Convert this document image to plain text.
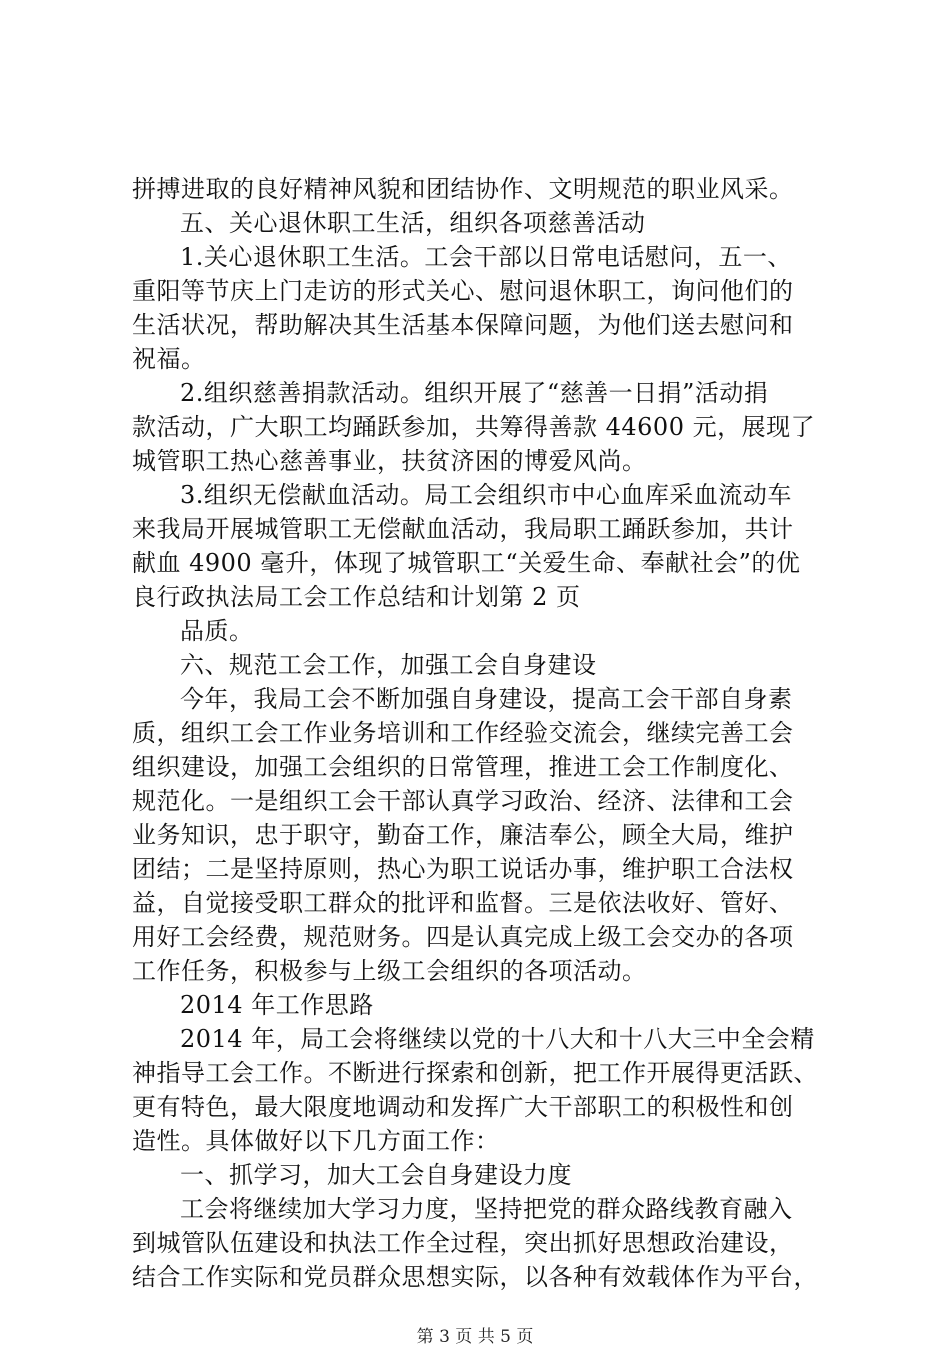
拼搏进取的良好精神风貌和团结协作、文明规范的职业风采。
五、关心退休职工生活，组织各项慈善活动
1.关心退休职工生活。工会干部以日常电话慰问，五一、
重阳等节庆上门走访的形式关心、慰问退休职工，询问他们的
生活状况，帮助解决其生活基本保障问题，为他们送去慰问和
祝福。
2.组织慈善捐款活动。组织开展了“慈善一日捐”活动捐
款活动，广大职工均踊跃参加，共筹得善款 44600 元，展现了
城管职工热心慈善事业，扶贫济困的博爱风尚。
3.组织无偿献血活动。局工会组织市中心血库采血流动车
来我局开展城管职工无偿献血活动，我局职工踊跃参加，共计
献血 4900 毫升，体现了城管职工“关爱生命、奉献社会”的优
良行政执法局工会工作总结和计划第 2 页
品质。
六、规范工会工作，加强工会自身建设
今年，我局工会不断加强自身建设，提高工会干部自身素
质，组织工会工作业务培训和工作经验交流会，继续完善工会
组织建设，加强工会组织的日常管理，推进工会工作制度化、
规范化。一是组织工会干部认真学习政治、经济、法律和工会
业务知识，忠于职守，勤奋工作，廉洁奉公，顾全大局，维护
团结；二是坚持原则，热心为职工说话办事，维护职工合法权
益，自觉接受职工群众的批评和监督。三是依法收好、管好、
用好工会经费，规范财务。四是认真完成上级工会交办的各项
工作任务，积极参与上级工会组织的各项活动。
2014 年工作思路
2014 年，局工会将继续以党的十八大和十八大三中全会精
神指导工会工作。不断进行探索和创新，把工作开展得更活跃、
更有特色，最大限度地调动和发挥广大干部职工的积极性和创
造性。具体做好以下几方面工作：
一、抓学习，加大工会自身建设力度
工会将继续加大学习力度，坚持把党的群众路线教育融入
到城管队伍建设和执法工作全过程，突出抓好思想政治建设，
结合工作实际和党员群众思想实际，以各种有效载体作为平台，
第 3 页 共 5 页
